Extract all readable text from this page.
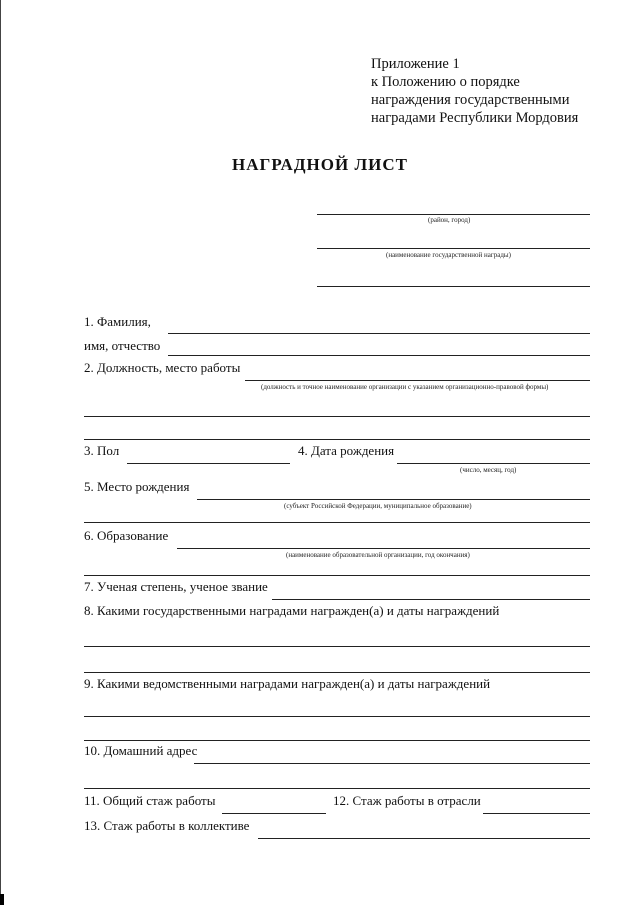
Приложение 1
к Положению о порядке
награждения государственными
наградами Республики Мордовия
НАГРАДНОЙ ЛИСТ
(район, город)
(наименование государственной награды)
1. Фамилия,
имя, отчество
2. Должность, место работы
(должность и точное наименование организации с указанием организационно-правовой формы)
3. Пол	4. Дата рождения
(число, месяц, год)
5. Место рождения
(субъект Российской Федерации, муниципальное образование)
6. Образование
(наименование образовательной организации, год окончания)
7. Ученая степень, ученое звание
8. Какими государственными наградами награжден(а) и даты награждений
9. Какими ведомственными наградами награжден(а) и даты награждений
10. Домашний адрес
11. Общий стаж работы	12. Стаж работы в отрасли
13. Стаж работы в коллективе
